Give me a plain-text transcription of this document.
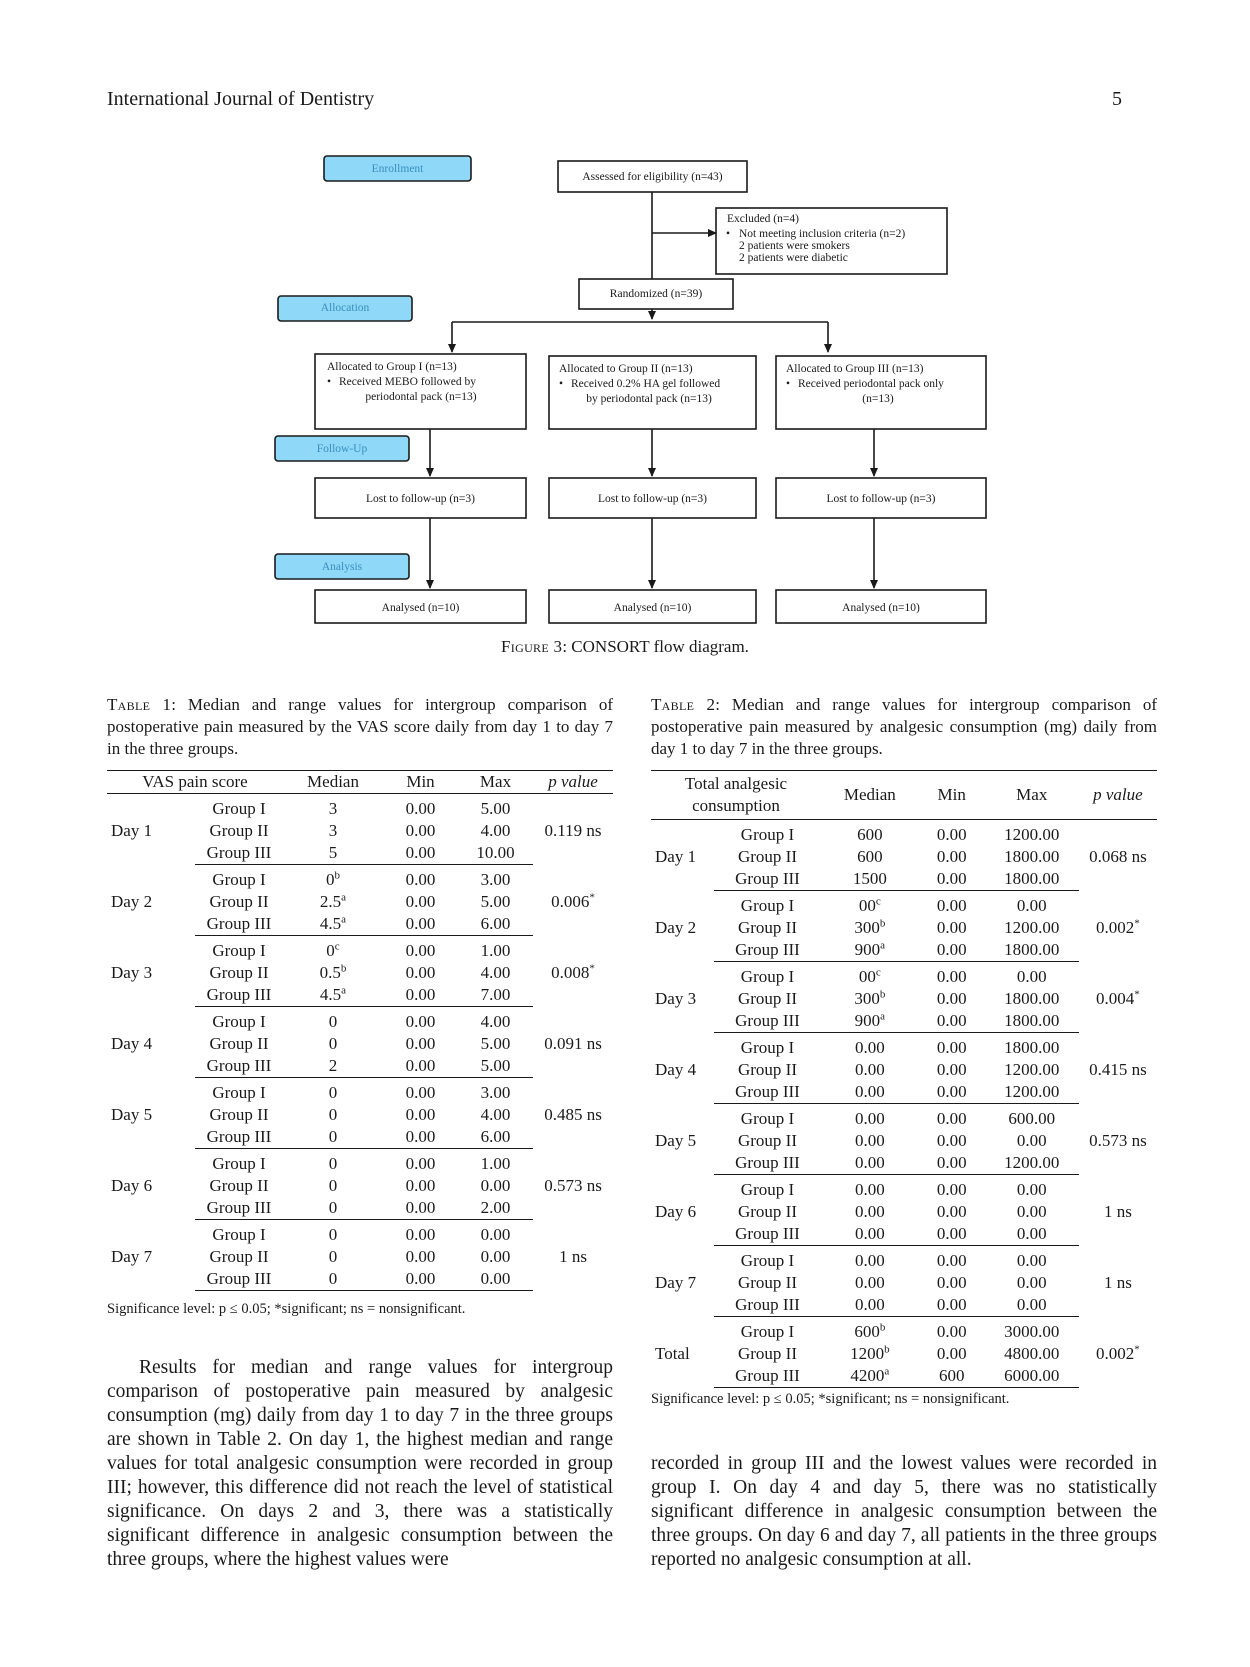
International Journal of Dentistry	5
Enrollment
Allocation
Follow-Up
Analysis
Assessed for eligibility (n=43)
Excluded (n=4)
• Not meeting inclusion criteria (n=2)
2 patients were smokers
2 patients were diabetic
Randomized (n=39)
Allocated to Group I (n=13)
• Received MEBO followed by
periodontal pack (n=13)
Lost to follow-up (n=3)
Analysed (n=10)
Allocated to Group II (n=13)
• Received 0.2% HA gel followed
by periodontal pack (n=13)
Lost to follow-up (n=3)
Analysed (n=10)
Allocated to Group III (n=13)
• Received periodontal pack only
(n=13)
Lost to follow-up (n=3)
Analysed (n=10)
Figure 3: CONSORT flow diagram.
Table 1: Median and range values for intergroup comparison of postoperative pain measured by the VAS score daily from day 1 to day 7 in the three groups.
VAS pain score		Median	Min	Max	p value
Day 1	Group I	3	0.00	5.00	0.119 ns
	Group II	3	0.00	4.00	
	Group III	5	0.00	10.00	
Day 2	Group I	0$^b$	0.00	3.00	0.006*
	Group II	2.5$^a$	0.00	5.00	
	Group III	4.5$^a$	0.00	6.00	
Day 3	Group I	0$^c$	0.00	1.00	0.008*
	Group II	0.5$^b$	0.00	4.00	
	Group III	4.5$^a$	0.00	7.00	
Day 4	Group I	0	0.00	4.00	0.091 ns
	Group II	0	0.00	5.00	
	Group III	2	0.00	5.00	
Day 5	Group I	0	0.00	3.00	0.485 ns
	Group II	0	0.00	4.00	
	Group III	0	0.00	6.00	
Day 6	Group I	0	0.00	1.00	0.573 ns
	Group II	0	0.00	0.00	
	Group III	0	0.00	2.00	
Day 7	Group I	0	0.00	0.00	1 ns
	Group II	0	0.00	0.00	
	Group III	0	0.00	0.00	
Significance level: p ≤ 0.05; *significant; ns = nonsignificant.
Table 2: Median and range values for intergroup comparison of postoperative pain measured by analgesic consumption (mg) daily from day 1 to day 7 in the three groups.
Total analgesic consumption		Median	Min	Max	p value
Day 1	Group I	600	0.00	1200.00	0.068 ns
	Group II	600	0.00	1800.00	
	Group III	1500	0.00	1800.00	
Day 2	Group I	00$^c$	0.00	0.00	0.002*
	Group II	300$^b$	0.00	1200.00	
	Group III	900$^a$	0.00	1800.00	
Day 3	Group I	00$^c$	0.00	0.00	0.004*
	Group II	300$^b$	0.00	1800.00	
	Group III	900$^a$	0.00	1800.00	
Day 4	Group I	0.00	0.00	1800.00	0.415 ns
	Group II	0.00	0.00	1200.00	
	Group III	0.00	0.00	1200.00	
Day 5	Group I	0.00	0.00	600.00	0.573 ns
	Group II	0.00	0.00	0.00	
	Group III	0.00	0.00	1200.00	
Day 6	Group I	0.00	0.00	0.00	1 ns
	Group II	0.00	0.00	0.00	
	Group III	0.00	0.00	0.00	
Day 7	Group I	0.00	0.00	0.00	1 ns
	Group II	0.00	0.00	0.00	
	Group III	0.00	0.00	0.00	
Total	Group I	600$^b$	0.00	3000.00	0.002*
	Group II	1200$^b$	0.00	4800.00	
	Group III	4200$^a$	600	6000.00	
Significance level: p ≤ 0.05; *significant; ns = nonsignificant.
Results for median and range values for intergroup comparison of postoperative pain measured by analgesic consumption (mg) daily from day 1 to day 7 in the three groups are shown in Table 2. On day 1, the highest median and range values for total analgesic consumption were recorded in group III; however, this difference did not reach the level of statistical significance. On days 2 and 3, there was a statistically significant difference in analgesic consumption between the three groups, where the highest values were
recorded in group III and the lowest values were recorded in group I. On day 4 and day 5, there was no statistically significant difference in analgesic consumption between the three groups. On day 6 and day 7, all patients in the three groups reported no analgesic consumption at all.
